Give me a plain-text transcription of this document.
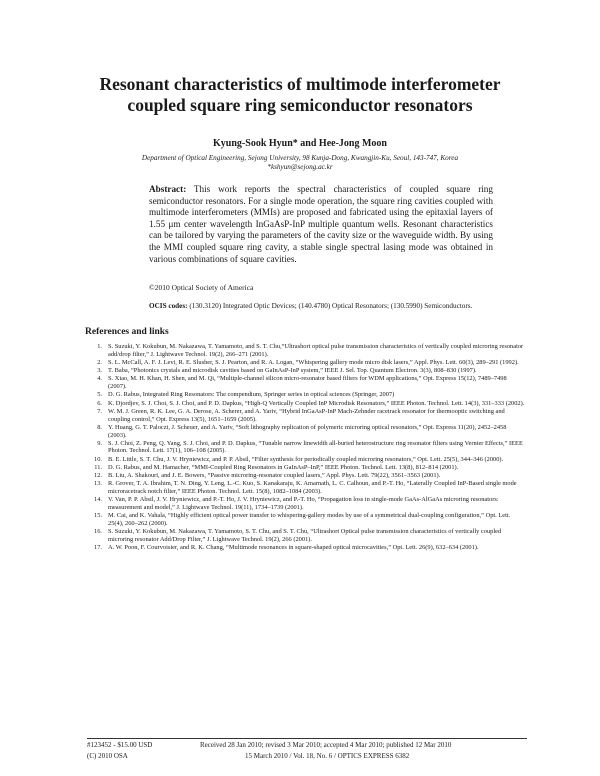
Resonant characteristics of multimode interferometer coupled square ring semiconductor resonators
Kyung-Sook Hyun* and Hee-Jong Moon
Department of Optical Engineering, Sejong University, 98 Kunja-Dong, Kwangjin-Ku, Seoul, 143-747, Korea
*kshyun@sejong.ac.kr
Abstract: This work reports the spectral characteristics of coupled square ring semiconductor resonators. For a single mode operation, the square ring cavities coupled with multimode interferometers (MMIs) are proposed and fabricated using the epitaxial layers of 1.55 μm center wavelength InGaAsP-InP multiple quantum wells. Resonant characteristics can be tailored by varying the parameters of the cavity size or the waveguide width. By using the MMI coupled square ring cavity, a stable single spectral lasing mode was obtained in various combinations of square cavities.
©2010 Optical Society of America
OCIS codes: (130.3120) Integrated Optic Devices; (140.4780) Optical Resonators; (130.5990) Semiconductors.
References and links
1. S. Suzuki, Y. Kokubun, M. Nakazawa, T. Yamamoto, and S. T. Chu,“Ultrashort optical pulse transmission characteristics of vertically coupled microring resonator add/drop filter,” J. Lightwave Technol. 19(2), 266–271 (2001).
2. S. L. McCall, A. F. J. Levi, R. E. Slusher, S. J. Pearton, and R. A. Logan, “Whispering gallery mode micro disk lasers,” Appl. Phys. Lett. 60(3), 289–291 (1992).
3. T. Baba, “Photonics crystals and microdisk cavities based on GaInAsP-InP system,” IEEE J. Sel. Top. Quantum Electron. 3(3), 808–830 (1997).
4. S. Xiao, M. H. Khan, H. Shen, and M. Qi, “Multiple-channel silicon micro-resonator based filters for WDM applications,” Opt. Express 15(12), 7489–7498 (2007).
5. D. G. Rabus, Integrated Ring Resonators: The compendium, Springer series in optical sciences (Springer, 2007)
6. K. Djordjev, S. J. Choi, S. J. Choi, and P. D. Dapkus, “High-Q Vertically Coupled InP Microdisk Resonators,” IEEE Photon. Technol. Lett. 14(3), 331–333 (2002).
7. W. M. J. Green, R. K. Lee, G. A. Derose, A. Scherer, and A. Yariv, “Hybrid InGaAsP-InP Mach-Zehnder racetrack resonator for thermooptic switching and coupling control,” Opt. Express 13(5), 1651–1659 (2005).
8. Y. Huang, G. T. Paloczi, J. Scheuer, and A. Yariv, “Soft lithography replication of polymeric microring optical resonators,” Opt. Express 11(20), 2452–2458 (2003).
9. S. J. Choi, Z. Peng, Q. Yang, S. J. Choi, and P. D. Dapkus, “Tunable narrow linewidth all-buried heterostructure ring resonator filters using Vernier Effects,” IEEE Photon. Technol. Lett. 17(1), 106–108 (2005).
10. B. E. Little, S. T. Chu, J. V. Hryniewicz, and P. P. Absil, “Filter synthesis for periodically coupled microring resonators,” Opt. Lett. 25(5), 344–346 (2000).
11. D. G. Rabus, and M. Hamacher, “MMI-Coupled Ring Resonators in GaInAsP–InP,” IEEE Photon. Technol. Lett. 13(8), 812–814 (2001).
12. B. Liu, A. Shakouri, and J. E. Bowers, “Passive microring-resonator coupled lasers,” Appl. Phys. Lett. 79(22), 3561–3563 (2001).
13. R. Grover, T. A. Ibrahim, T. N. Ding, Y. Leng, L.-C. Kuo, S. Kanakaraju, K. Amarnath, L. C. Calhoun, and P.-T. Ho, “Laterally Coupled InP-Based single mode microracetrack notch filter,” IEEE Photon. Technol. Lett. 15(8), 1082–1084 (2003).
14. V. Van, P. P. Absil, J. V. Hryniewicz, and P.-T. Ho, J. V. Hryniewicz, and P.-T. Ho, “Propagation loss in single-mode GaAs-AlGaAs microring resonators: measurement and model,” J. Lightwave Technol. 19(11), 1734–1739 (2001).
15. M. Cai, and K. Vahala, “Highly efficient optical power transfer to whispering-gallery modes by use of a symmetrical dual-coupling configuration,” Opt. Lett. 25(4), 260–262 (2000).
16. S. Suzuki, Y. Kokubun, M. Nakazawa, T. Yamamoto, S. T. Chu, and S. T. Chu, “Ultrashort Optical pulse transmission characteristics of vertically coupled microring resonator Add/Drop Filter,” J. Lightwave Technol. 19(2), 266 (2001).
17. A. W. Poon, F. Courvoisier, and R. K. Chang, “Multimode resonances in square-shaped optical microcavities,” Opt. Lett. 26(9), 632–634 (2001).
#123452 - $15.00 USD	Received 28 Jan 2010; revised 3 Mar 2010; accepted 4 Mar 2010; published 12 Mar 2010
(C) 2010 OSA	15 March 2010 / Vol. 18, No. 6 / OPTICS EXPRESS 6382
